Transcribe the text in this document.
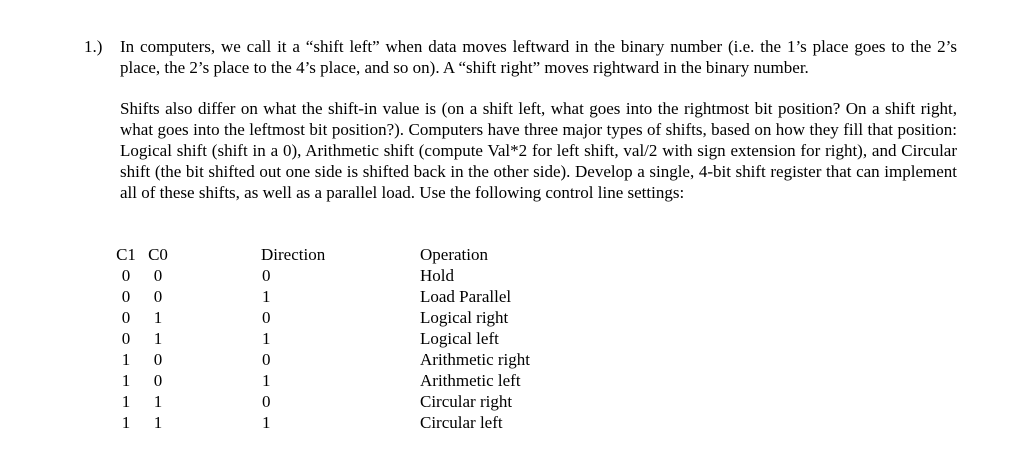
1.) In computers, we call it a “shift left” when data moves leftward in the binary number (i.e. the 1’s place goes to the 2’s place, the 2’s place to the 4’s place, and so on). A “shift right” moves rightward in the binary number.

Shifts also differ on what the shift-in value is (on a shift left, what goes into the rightmost bit position? On a shift right, what goes into the leftmost bit position?). Computers have three major types of shifts, based on how they fill that position: Logical shift (shift in a 0), Arithmetic shift (compute Val*2 for left shift, val/2 with sign extension for right), and Circular shift (the bit shifted out one side is shifted back in the other side). Develop a single, 4-bit shift register that can implement all of these shifts, as well as a parallel load. Use the following control line settings:

C1
0
0
0
0
1
1
1
1
C0
0
0
1
1
0
0
1
1
Direction
0
1
0
1
0
1
0
1
Operation
Hold
Load Parallel
Logical right
Logical left
Arithmetic right
Arithmetic left
Circular right
Circular left
